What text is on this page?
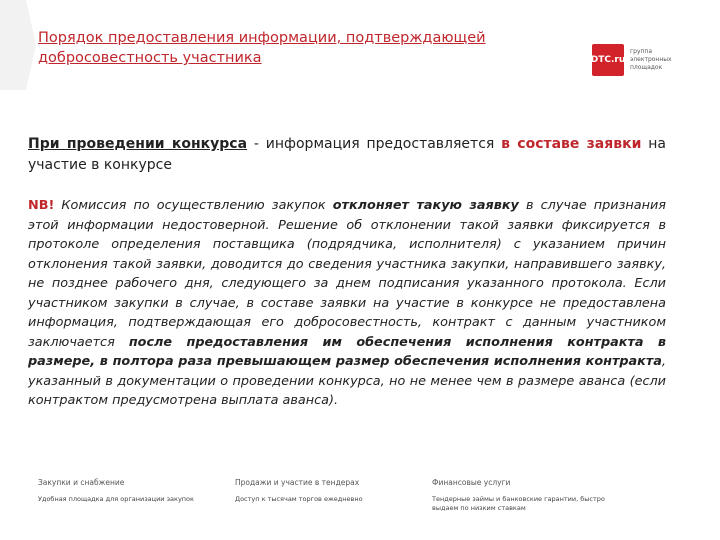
Порядок предоставления информации, подтверждающей добросовестность участника	DTC.ru
группа электронных площадок
При проведении конкурса - информация предоставляется в составе заявки на участие в конкурсе
NB! Комиссия по осуществлению закупок отклоняет такую заявку в случае признания этой информации недостоверной. Решение об отклонении такой заявки фиксируется в протоколе определения поставщика (подрядчика, исполнителя) с указанием причин отклонения такой заявки, доводится до сведения участника закупки, направившего заявку, не позднее рабочего дня, следующего за днем подписания указанного протокола. Если участником закупки в случае, в составе заявки на участие в конкурсе не предоставлена информация, подтверждающая его добросовестность, контракт с данным участником заключается после предоставления им обеспечения исполнения контракта в размере, в полтора раза превышающем размер обеспечения исполнения контракта, указанный в документации о проведении конкурса, но не менее чем в размере аванса (если контрактом предусмотрена выплата аванса).
Закупки и снабжение
Удобная площадка для организации закупок
Продажи и участие в тендерах
Доступ к тысячам торгов ежедневно
Финансовые услуги
Тендерные займы и банковские гарантии, быстро выдаем по низким ставкам
